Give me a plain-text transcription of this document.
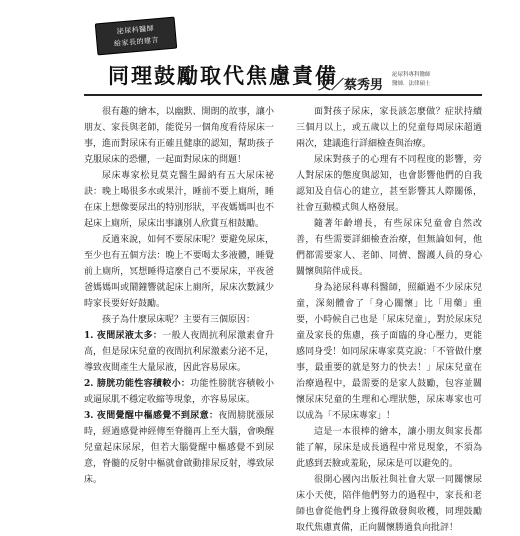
泌尿科醫師
給家長的建言
同理鼓勵取代焦慮責備
文／蔡秀男
泌尿科專科醫師
醫師．法律碩士

很有趣的繪本，以幽默、開朗的故事，讓小朋友、家長與老師，能從另一個角度看待尿床一事，進而對尿床有正確且健康的認知，幫助孩子克服尿床的恐懼，一起面對尿床的問題！

尿床專家松見莫克醫生歸納有五大尿床祕訣：晚上喝很多水或果汁，睡前不要上廁所，睡在床上想像要尿出的特別形狀，平夜媽媽叫也不起床上廁所，尿床出事讓別人欣賞互相鼓勵。

反過來說，如何不要尿床呢？要避免尿床，至少也有五個方法：晚上不要喝太多液體，睡覺前上廁所，冥想睡得這麼自己不要尿床，平夜爸爸媽媽叫或鬧鐘響就起床上廁所，尿床次數減少時家長要好好鼓勵。

孩子為什麼尿床呢？主要有三個原因：

1. 夜間尿液太多：一般人夜間抗利尿激素會升高，但是尿床兒童的夜間抗利尿激素分泌不足，導致夜間產生大量尿液，因此容易尿床。

2. 膀胱功能性容積較小：功能性膀胱容積較小或逼尿肌不穩定收縮等現象，亦容易尿床。

3. 夜間覺醒中樞感覺不到尿意：夜間膀胱漲尿時，經過感覺神經傳至脊髓再上至大腦，會喚醒兒童起床尿尿，但若大腦覺醒中樞感覺不到尿意，脊髓的反射中樞就會啟動排尿反射，導致尿床。

面對孩子尿床，家長該怎麼做？症狀持續三個月以上，或五歲以上的兒童每周尿床超過兩次，建議進行詳細檢查與治療。

尿床對孩子的心理有不同程度的影響，旁人對尿床的態度與認知，也會影響他們的自我認知及自信心的建立，甚至影響其人際關係，社會互動模式與人格發展。

隨著年齡增長，有些尿床兒童會自然改善，有些需要詳細檢查治療，但無論如何，他們都需要家人、老師、同儕、醫護人員的身心關懷與陪伴成長。

身為泌尿科專科醫師，照顧過不少尿床兒童，深刻體會了「身心關懷」比「用藥」重要，小時候自己也是「尿床兒童」，對於尿床兒童及家長的焦慮，孩子面臨的身心壓力，更能感同身受！如同尿床專家莫克說：「不管做什麼事，最重要的就是努力的快去！」尿床兒童在治療過程中，最需要的是家人鼓勵，包容並關懷尿床兒童的生理和心理狀態，尿床專家也可以成為「不尿床專家」！

這是一本很棒的繪本，讓小朋友與家長都能了解，尿床是成長過程中常見現象，不須為此感到丟臉或羞恥，尿床是可以避免的。

很開心國內出版社與社會大眾一同關懷尿床小天使，陪伴他們努力的過程中，家長和老師也會從他們身上獲得啟發與收穫，同理鼓勵取代焦慮責備，正向關懷勝過負向批評！
